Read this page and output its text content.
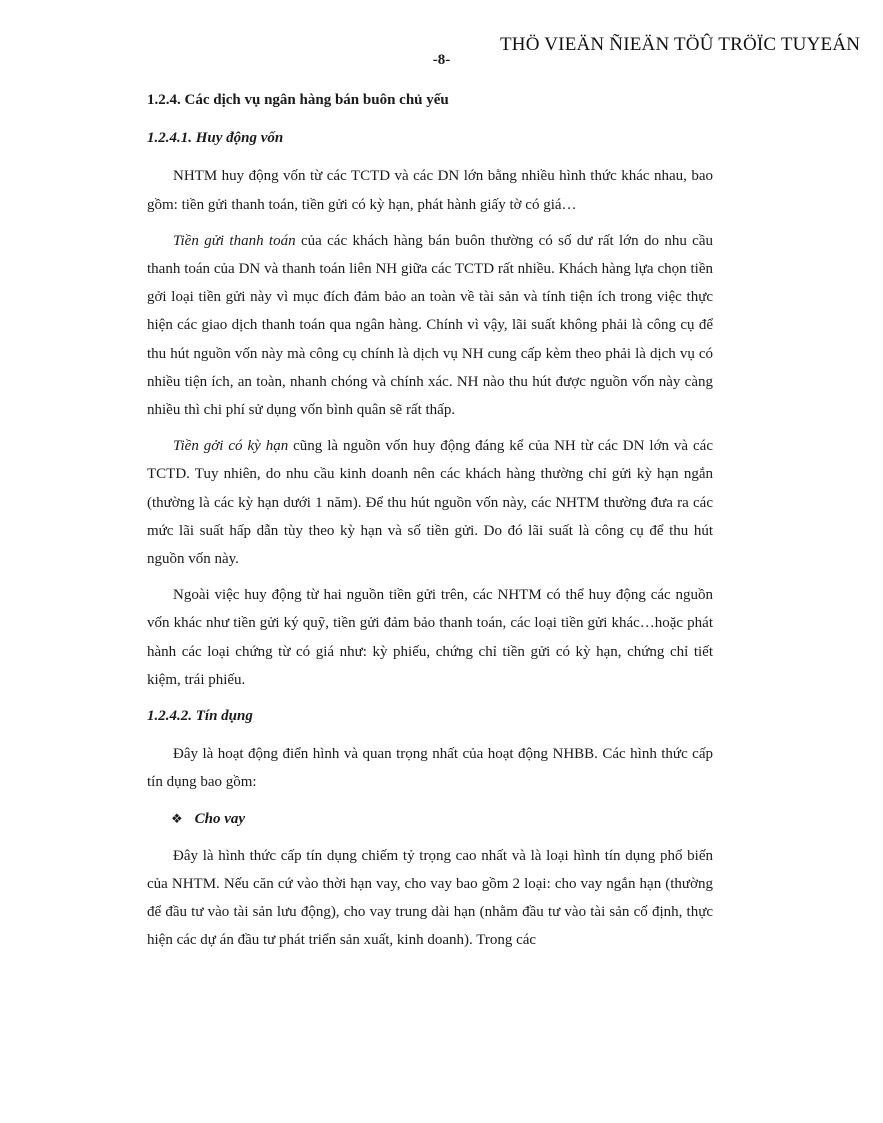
THÖ VIEÄN ÑIEÄN TÖÛ TRÖÏC TUYEÁN
-8-
1.2.4. Các dịch vụ ngân hàng bán buôn chủ yếu
1.2.4.1. Huy động vốn

NHTM huy động vốn từ các TCTD và các DN lớn bằng nhiều hình thức khác nhau, bao gồm: tiền gửi thanh toán, tiền gửi có kỳ hạn, phát hành giấy tờ có giá…

Tiền gửi thanh toán của các khách hàng bán buôn thường có số dư rất lớn do nhu cầu thanh toán của DN và thanh toán liên NH giữa các TCTD rất nhiều. Khách hàng lựa chọn tiền gởi loại tiền gửi này vì mục đích đảm bảo an toàn về tài sản và tính tiện ích trong việc thực hiện các giao dịch thanh toán qua ngân hàng. Chính vì vậy, lãi suất không phải là công cụ để thu hút nguồn vốn này mà công cụ chính là dịch vụ NH cung cấp kèm theo phải là dịch vụ có nhiều tiện ích, an toàn, nhanh chóng và chính xác. NH nào thu hút được nguồn vốn này càng nhiều thì chi phí sử dụng vốn bình quân sẽ rất thấp.

Tiền gởi có kỳ hạn cũng là nguồn vốn huy động đáng kể của NH từ các DN lớn và các TCTD. Tuy nhiên, do nhu cầu kinh doanh nên các khách hàng thường chỉ gửi kỳ hạn ngắn (thường là các kỳ hạn dưới 1 năm). Để thu hút nguồn vốn này, các NHTM thường đưa ra các mức lãi suất hấp dẫn tùy theo kỳ hạn và số tiền gửi. Do đó lãi suất là công cụ để thu hút nguồn vốn này.

Ngoài việc huy động từ hai nguồn tiền gửi trên, các NHTM có thể huy động các nguồn vốn khác như tiền gửi ký quỹ, tiền gửi đảm bảo thanh toán, các loại tiền gửi khác…hoặc phát hành các loại chứng từ có giá như: kỳ phiếu, chứng chỉ tiền gửi có kỳ hạn, chứng chỉ tiết kiệm, trái phiếu.

1.2.4.2. Tín dụng

Đây là hoạt động điển hình và quan trọng nhất của hoạt động NHBB. Các hình thức cấp tín dụng bao gồm:

❖ Cho vay

Đây là hình thức cấp tín dụng chiếm tỷ trọng cao nhất và là loại hình tín dụng phổ biến của NHTM. Nếu căn cứ vào thời hạn vay, cho vay bao gồm 2 loại: cho vay ngắn hạn (thường để đầu tư vào tài sản lưu động), cho vay trung dài hạn (nhằm đầu tư vào tài sản cố định, thực hiện các dự án đầu tư phát triển sản xuất, kinh doanh). Trong các
